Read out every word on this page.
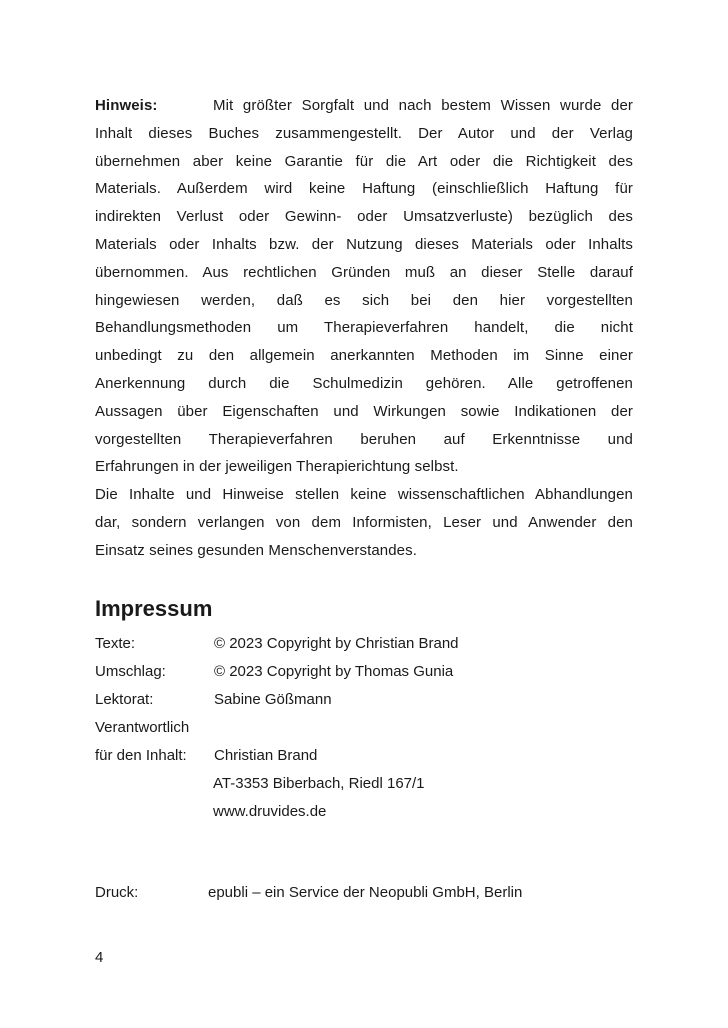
Hinweis:	Mit größter Sorgfalt und nach bestem Wissen wurde der

Inhalt dieses Buches zusammengestellt. Der Autor und der Verlag

übernehmen aber keine Garantie für die Art oder die Richtigkeit des

Materials. Außerdem wird keine Haftung (einschließlich Haftung für

indirekten Verlust oder Gewinn- oder Umsatzverluste) bezüglich des

Materials oder Inhalts bzw. der Nutzung dieses Materials oder Inhalts

übernommen. Aus rechtlichen Gründen muß an dieser Stelle darauf

hingewiesen werden, daß es sich bei den hier vorgestellten

Behandlungsmethoden um Therapieverfahren handelt, die nicht

unbedingt zu den allgemein anerkannten Methoden im Sinne einer

Anerkennung durch die Schulmedizin gehören. Alle getroffenen

Aussagen über Eigenschaften und Wirkungen sowie Indikationen der

vorgestellten Therapieverfahren beruhen auf Erkenntnisse und

Erfahrungen in der jeweiligen Therapierichtung selbst.

Die Inhalte und Hinweise stellen keine wissenschaftlichen Abhandlungen

dar, sondern verlangen von dem Informisten, Leser und Anwender den

Einsatz seines gesunden Menschenverstandes.

Impressum
Texte:	© 2023 Copyright by Christian Brand
Umschlag:	© 2023 Copyright by Thomas Gunia
Lektorat:	Sabine Gößmann
Verantwortlich
für den Inhalt: Christian Brand
AT-3353 Biberbach, Riedl 167/1
www.druvides.de
Druck:	epubli – ein Service der Neopubli GmbH, Berlin
4
